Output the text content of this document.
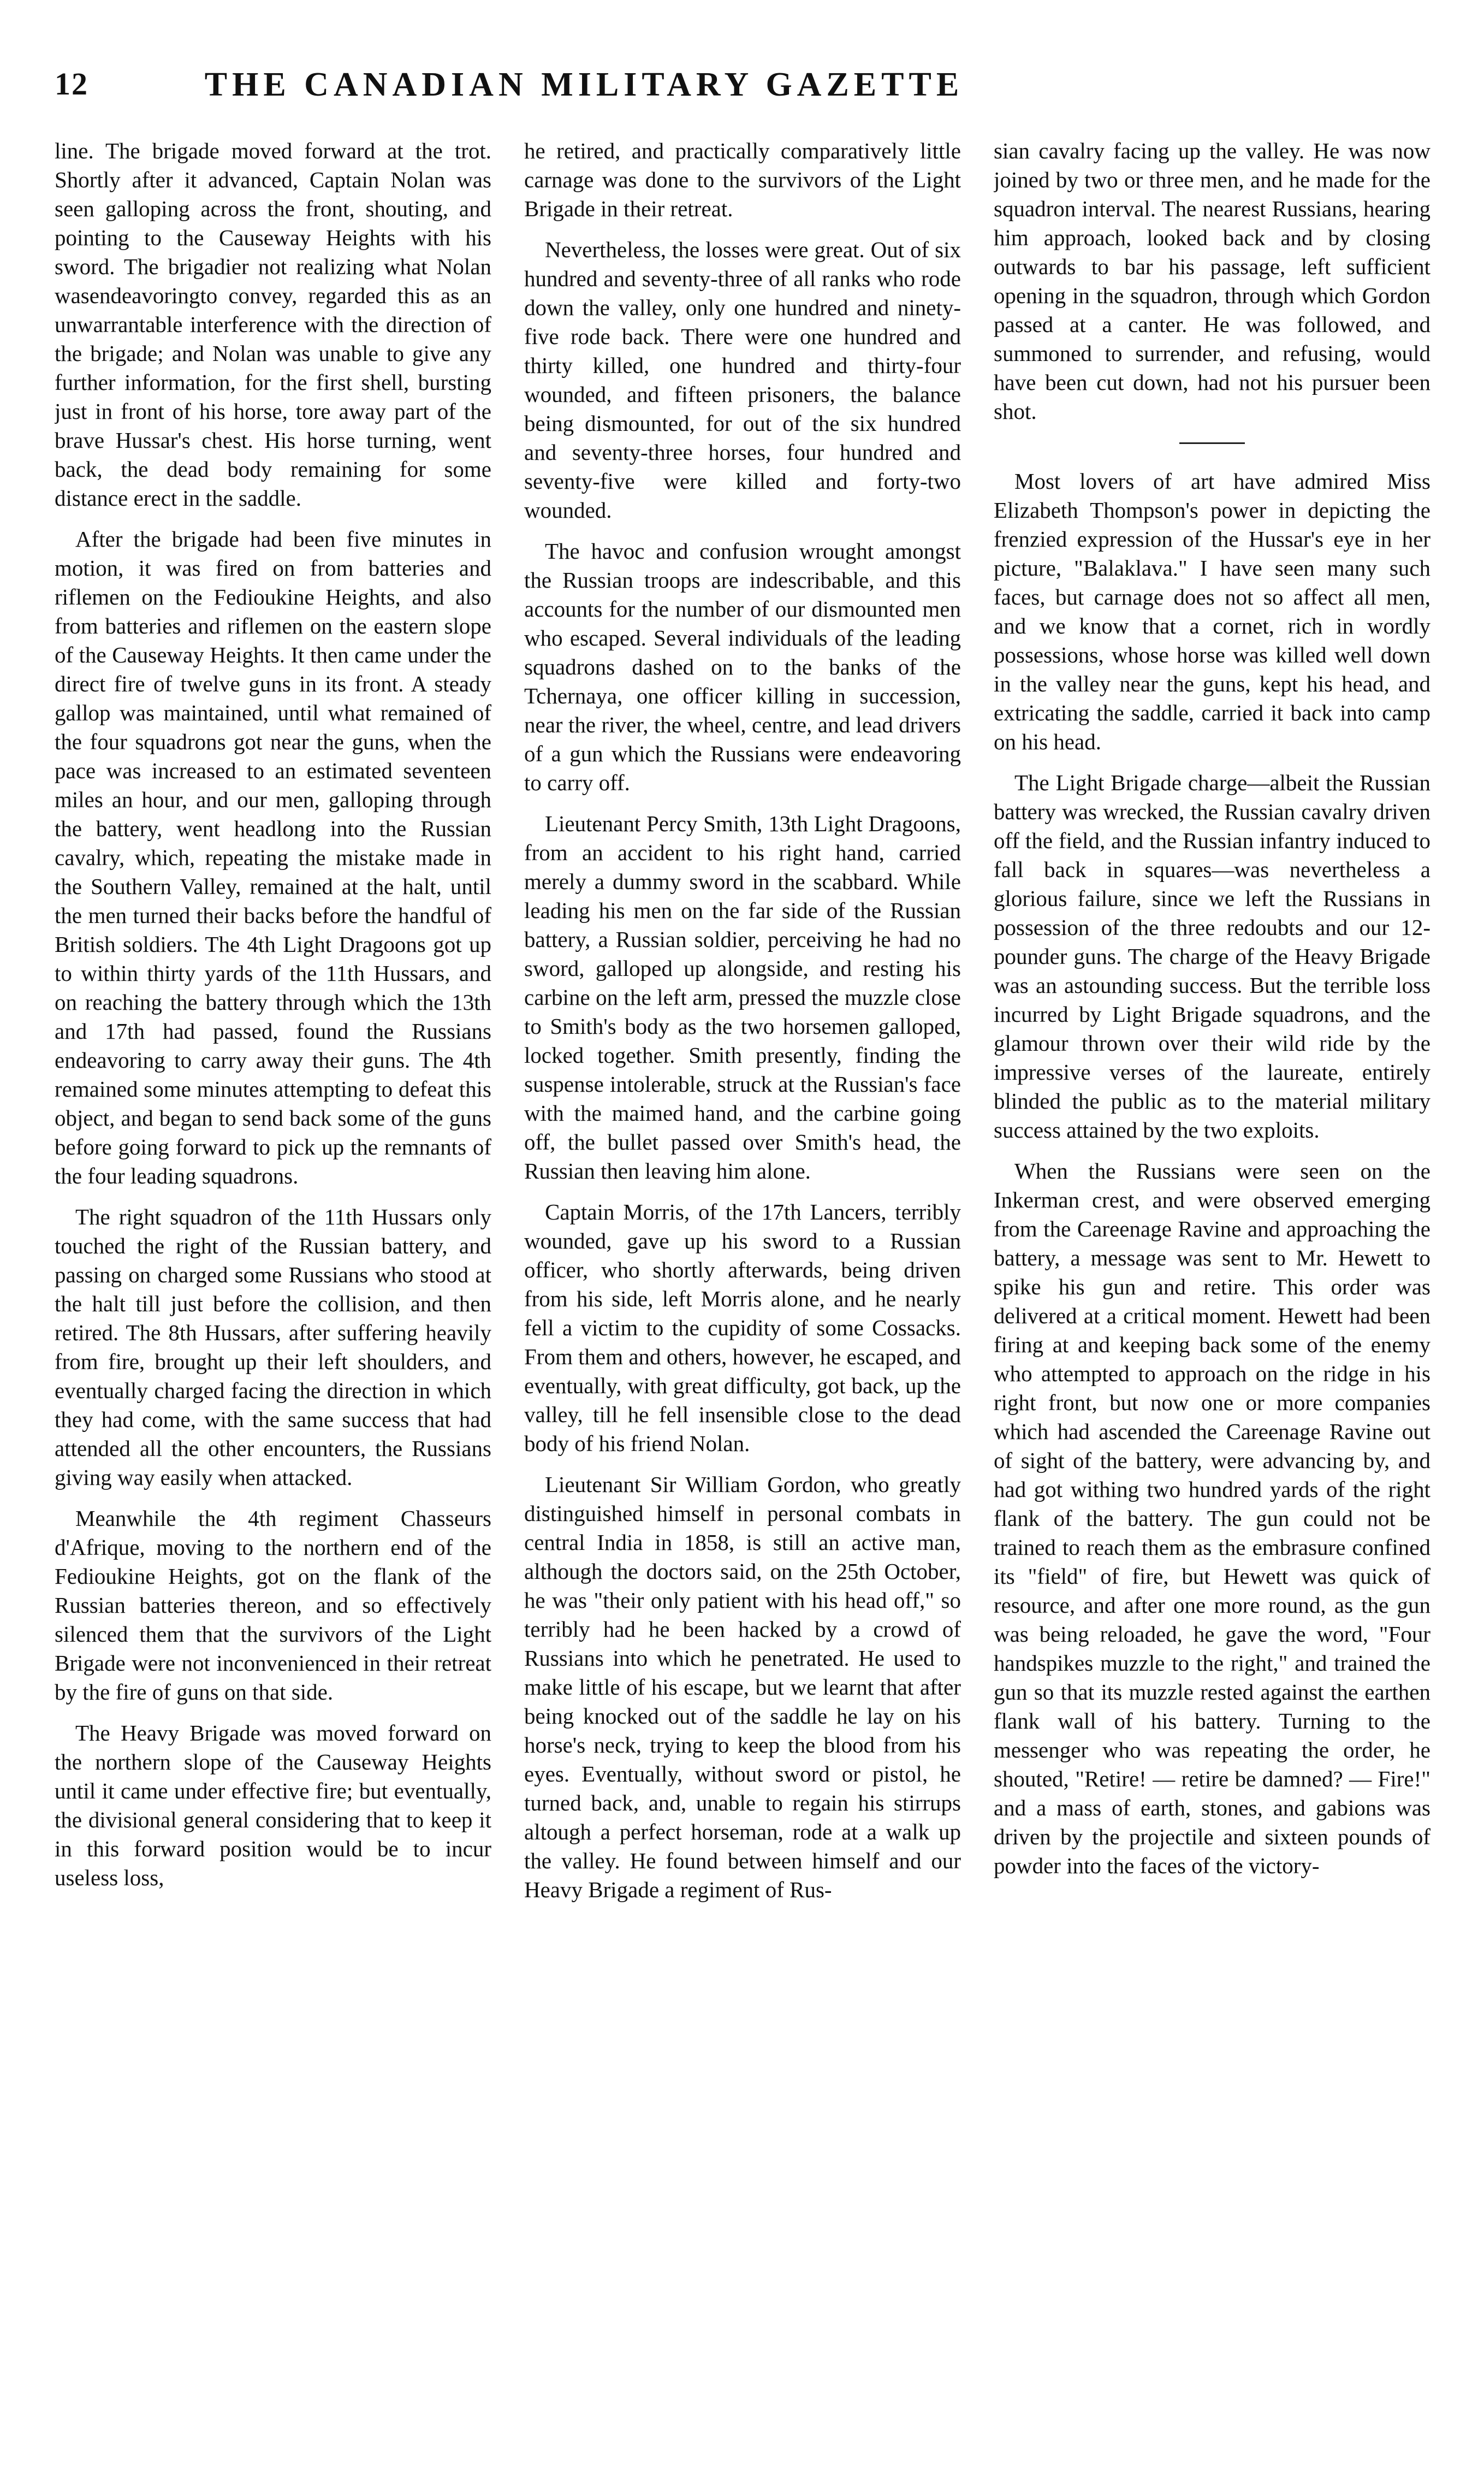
12	THE CANADIAN MILITARY GAZETTE

line. The brigade moved forward at the trot. Shortly after it advanced, Captain Nolan was seen galloping across the front, shouting, and pointing to the Causeway Heights with his sword. The brigadier not realizing what Nolan wasendeavoringto convey, regarded this as an unwarrantable interference with the direction of the brigade; and Nolan was unable to give any further information, for the first shell, bursting just in front of his horse, tore away part of the brave Hussar's chest. His horse turning, went back, the dead body remaining for some distance erect in the saddle.

After the brigade had been five minutes in motion, it was fired on from batteries and riflemen on the Fedioukine Heights, and also from batteries and riflemen on the eastern slope of the Causeway Heights. It then came under the direct fire of twelve guns in its front. A steady gallop was maintained, until what remained of the four squadrons got near the guns, when the pace was increased to an estimated seventeen miles an hour, and our men, galloping through the battery, went headlong into the Russian cavalry, which, repeating the mistake made in the Southern Valley, remained at the halt, until the men turned their backs before the handful of British soldiers. The 4th Light Dragoons got up to within thirty yards of the 11th Hussars, and on reaching the battery through which the 13th and 17th had passed, found the Russians endeavoring to carry away their guns. The 4th remained some minutes attempting to defeat this object, and began to send back some of the guns before going forward to pick up the remnants of the four leading squadrons.

The right squadron of the 11th Hussars only touched the right of the Russian battery, and passing on charged some Russians who stood at the halt till just before the collision, and then retired. The 8th Hussars, after suffering heavily from fire, brought up their left shoulders, and eventually charged facing the direction in which they had come, with the same success that had attended all the other encounters, the Russians giving way easily when attacked.

Meanwhile the 4th regiment Chasseurs d'Afrique, moving to the northern end of the Fedioukine Heights, got on the flank of the Russian batteries thereon, and so effectively silenced them that the survivors of the Light Brigade were not inconvenienced in their retreat by the fire of guns on that side.

The Heavy Brigade was moved forward on the northern slope of the Causeway Heights until it came under effective fire; but eventually, the divisional general considering that to keep it in this forward position would be to incur useless loss,

he retired, and practically comparatively little carnage was done to the survivors of the Light Brigade in their retreat.

Nevertheless, the losses were great. Out of six hundred and seventy-three of all ranks who rode down the valley, only one hundred and ninety-five rode back. There were one hundred and thirty killed, one hundred and thirty-four wounded, and fifteen prisoners, the balance being dismounted, for out of the six hundred and seventy-three horses, four hundred and seventy-five were killed and forty-two wounded.

The havoc and confusion wrought amongst the Russian troops are indescribable, and this accounts for the number of our dismounted men who escaped. Several individuals of the leading squadrons dashed on to the banks of the Tchernaya, one officer killing in succession, near the river, the wheel, centre, and lead drivers of a gun which the Russians were endeavoring to carry off.

Lieutenant Percy Smith, 13th Light Dragoons, from an accident to his right hand, carried merely a dummy sword in the scabbard. While leading his men on the far side of the Russian battery, a Russian soldier, perceiving he had no sword, galloped up alongside, and resting his carbine on the left arm, pressed the muzzle close to Smith's body as the two horsemen galloped, locked together. Smith presently, finding the suspense intolerable, struck at the Russian's face with the maimed hand, and the carbine going off, the bullet passed over Smith's head, the Russian then leaving him alone.

Captain Morris, of the 17th Lancers, terribly wounded, gave up his sword to a Russian officer, who shortly afterwards, being driven from his side, left Morris alone, and he nearly fell a victim to the cupidity of some Cossacks. From them and others, however, he escaped, and eventually, with great difficulty, got back, up the valley, till he fell insensible close to the dead body of his friend Nolan.

Lieutenant Sir William Gordon, who greatly distinguished himself in personal combats in central India in 1858, is still an active man, although the doctors said, on the 25th October, he was "their only patient with his head off," so terribly had he been hacked by a crowd of Russians into which he penetrated. He used to make little of his escape, but we learnt that after being knocked out of the saddle he lay on his horse's neck, trying to keep the blood from his eyes. Eventually, without sword or pistol, he turned back, and, unable to regain his stirrups altough a perfect horseman, rode at a walk up the valley. He found between himself and our Heavy Brigade a regiment of Rus-

sian cavalry facing up the valley. He was now joined by two or three men, and he made for the squadron interval. The nearest Russians, hearing him approach, looked back and by closing outwards to bar his passage, left sufficient opening in the squadron, through which Gordon passed at a canter. He was followed, and summoned to surrender, and refusing, would have been cut down, had not his pursuer been shot.

Most lovers of art have admired Miss Elizabeth Thompson's power in depicting the frenzied expression of the Hussar's eye in her picture, "Balaklava." I have seen many such faces, but carnage does not so affect all men, and we know that a cornet, rich in wordly possessions, whose horse was killed well down in the valley near the guns, kept his head, and extricating the saddle, carried it back into camp on his head.

The Light Brigade charge—albeit the Russian battery was wrecked, the Russian cavalry driven off the field, and the Russian infantry induced to fall back in squares—was nevertheless a glorious failure, since we left the Russians in possession of the three redoubts and our 12-pounder guns. The charge of the Heavy Brigade was an astounding success. But the terrible loss incurred by Light Brigade squadrons, and the glamour thrown over their wild ride by the impressive verses of the laureate, entirely blinded the public as to the material military success attained by the two exploits.

When the Russians were seen on the Inkerman crest, and were observed emerging from the Careenage Ravine and approaching the battery, a message was sent to Mr. Hewett to spike his gun and retire. This order was delivered at a critical moment. Hewett had been firing at and keeping back some of the enemy who attempted to approach on the ridge in his right front, but now one or more companies which had ascended the Careenage Ravine out of sight of the battery, were advancing by, and had got withing two hundred yards of the right flank of the battery. The gun could not be trained to reach them as the embrasure confined its "field" of fire, but Hewett was quick of resource, and after one more round, as the gun was being reloaded, he gave the word, "Four handspikes muzzle to the right," and trained the gun so that its muzzle rested against the earthen flank wall of his battery. Turning to the messenger who was repeating the order, he shouted, "Retire! — retire be damned? — Fire!" and a mass of earth, stones, and gabions was driven by the projectile and sixteen pounds of powder into the faces of the victory-
